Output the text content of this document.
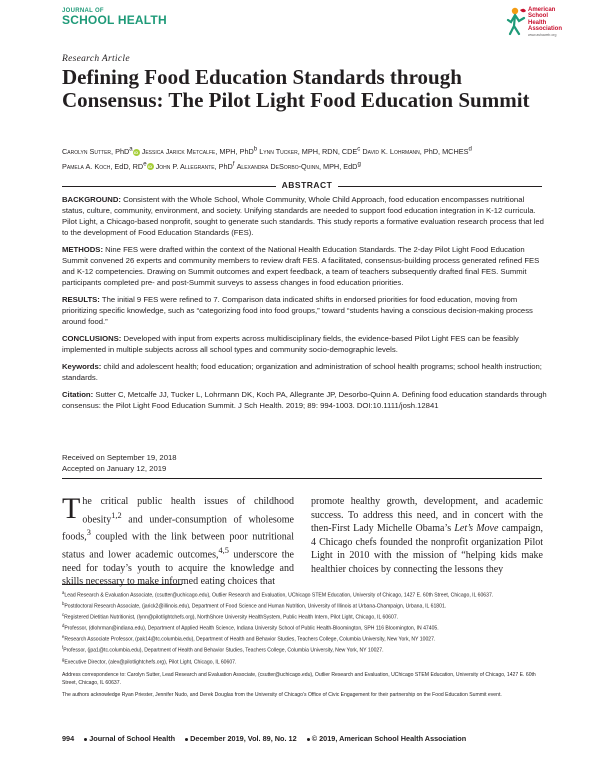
JOURNAL OF
SCHOOL HEALTH
American
School
Health
Association
www.ashaweb.org
Research Article
Defining Food Education Standards through Consensus: The Pilot Light Food Education Summit
Carolyn Sutter, PhD$^a$ iD Jessica Jarick Metcalfe, MPH, PhD$^b$ Lynn Tucker, MPH, RDN, CDE$^c$ David K. Lohrmann, PhD, MCHES$^d$
Pamela A. Koch, EdD, $RD^e$ iD John P. Allegrante, PhD$^f$ Alexandra DeSorbo-Quinn, MPH, EdD$^g$
ABSTRACT

BACKGROUND: Consistent with the Whole School, Whole Community, Whole Child Approach, food education encompasses nutritional status, culture, community, environment, and society. Unifying standards are needed to support food education integration in K-12 curricula. Pilot Light, a Chicago-based nonprofit, sought to generate such standards. This study reports a formative evaluation research process that led to the development of Food Education Standards (FES).

METHODS: Nine FES were drafted within the context of the National Health Education Standards. The 2-day Pilot Light Food Education Summit convened 26 experts and community members to review draft FES. A facilitated, consensus-building process generated refined FES and K-12 competencies. Drawing on Summit outcomes and expert feedback, a team of teachers subsequently drafted final FES. Summit participants completed pre- and post-Summit surveys to assess changes in food education priorities.

RESULTS: The initial 9 FES were refined to 7. Comparison data indicated shifts in endorsed priorities for food education, moving from prioritizing specific knowledge, such as “categorizing food into food groups,” toward “students having a conscious decision-making process around food.”

CONCLUSIONS: Developed with input from experts across multidisciplinary fields, the evidence-based Pilot Light FES can be feasibly implemented in multiple subjects across all school types and community socio-demographic levels.

Keywords: child and adolescent health; food education; organization and administration of school health programs; school health instruction; standards.

Citation: Sutter C, Metcalfe JJ, Tucker L, Lohrmann DK, Koch PA, Allegrante JP, Desorbo-Quinn A. Defining food education standards through consensus: the Pilot Light Food Education Summit. J Sch Health. 2019; 89: 994-1003. DOI:10.1111/josh.12841

Received on September 19, 2018
Accepted on January 12, 2019

The critical public health issues of childhood obesity$^{1,2}$ and under-consumption of wholesome foods,$^3$ coupled with the link between poor nutritional status and lower academic outcomes,$^{4,5}$ underscore the need for today’s youth to acquire the knowledge and skills necessary to make informed eating choices that

promote healthy growth, development, and academic success. To address this need, and in concert with the then-First Lady Michelle Obama’s Let’s Move campaign, 4 Chicago chefs founded the nonprofit organization Pilot Light in 2010 with the mission of “helping kids make healthier choices by connecting the lessons they

$^a$Lead Research & Evaluation Associate, (csutter@uchicago.edu), Outlier Research and Evaluation, UChicago STEM Education, University of Chicago, 1427 E. 60th Street, Chicago, IL 60637.

$^b$Postdoctoral Research Associate, (jarick2@illinois.edu), Department of Food Science and Human Nutrition, University of Illinois at Urbana-Champaign, Urbana, IL 61801.

$^c$Registered Dietitian Nutritionist, (lynn@pilotlightchefs.org), NorthShore University HealthSystem, Public Health Intern, Pilot Light, Chicago, IL 60607.

$^d$Professor, (dlohrman@indiana.edu), Department of Applied Health Science, Indiana University School of Public Health-Bloomington, SPH 116 Bloomington, IN 47405.

$^e$Research Associate Professor, (pak14@tc.columbia.edu), Department of Health and Behavior Studies, Teachers College, Columbia University, New York, NY 10027.

$^f$Professor, (jpa1@tc.columbia.edu), Department of Health and Behavior Studies, Teachers College, Columbia University, New York, NY 10027.

$^g$Executive Director, (alex@pilotlightchefs.org), Pilot Light, Chicago, IL 60607.

Address correspondence to: Carolyn Sutter, Lead Research and Evaluation Associate, (csutter@uchicago.edu), Outlier Research and Evaluation, UChicago STEM Education, University of Chicago, 1427 E. 60th Street, Chicago, IL 60637.

The authors acknowledge Ryan Priester, Jennifer Nudo, and Derek Douglas from the University of Chicago’s Office of Civic Engagement for their partnership on the Food Education Summit event.

994 Journal of School Health December 2019, Vol. 89, No. 12 © 2019, American School Health Association
